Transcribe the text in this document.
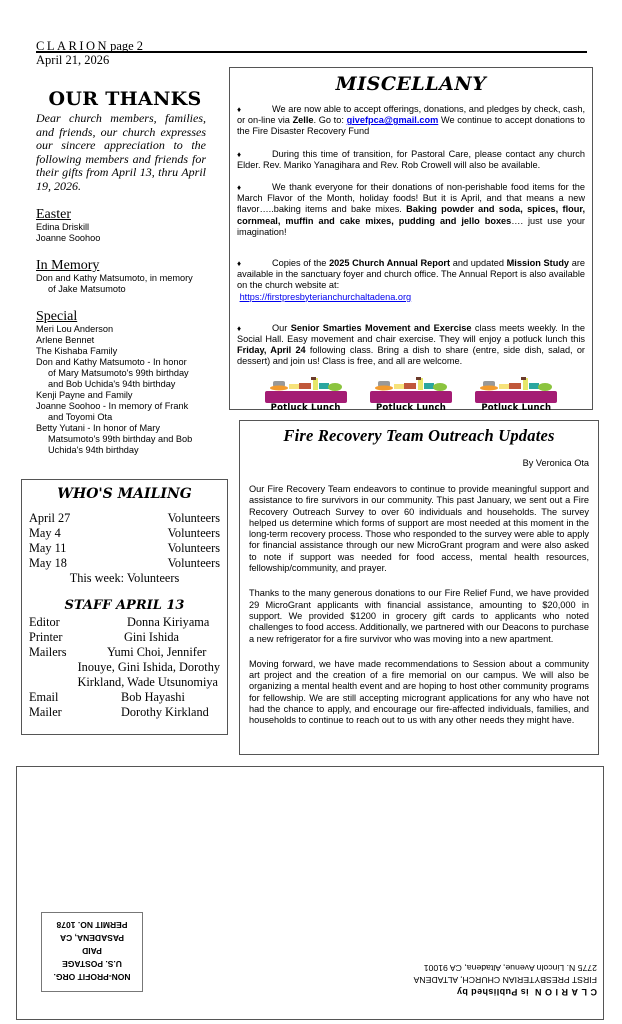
CLARIONpage 2
April 21, 2026
OUR THANKS

Dear church members, families, and friends, our church expresses our sincere appreciation to the following members and friends for their gifts from April 13, thru April 19, 2026.

Easter
Edina Driskill
Joanne Soohoo
In Memory
Don and Kathy Matsumoto, in memory
of Jake Matsumoto
Special
Meri Lou Anderson
Arlene Bennet
The Kishaba Family
Don and Kathy Matsumoto - In honor
of Mary Matsumoto's 99th birthday
and Bob Uchida's 94th birthday
Kenji Payne and Family
Joanne Soohoo - In memory of Frank
and Toyomi Ota
Betty Yutani - In honor of Mary
Matsumoto's 99th birthday and Bob
Uchida's 94th birthday
WHO'S MAILING
April 27	Volunteers
May 4	Volunteers
May 11	Volunteers
May 18	Volunteers
This week: Volunteers
STAFF APRIL 13
Editor	Donna Kiriyama
Printer	Gini Ishida
Mailers	Yumi Choi, Jennifer
Inouye, Gini Ishida, Dorothy
Kirkland, Wade Utsunomiya
Email	Bob Hayashi
Mailer	Dorothy Kirkland
MISCELLANY

♦	We are now able to accept offerings, donations, and pledges by check, cash, or on-line via Zelle. Go to: givefpca@gmail.com We continue to accept donations to the Fire Disaster Recovery Fund

♦	During this time of transition, for Pastoral Care, please contact any church Elder. Rev. Mariko Yanagihara and Rev. Rob Crowell will also be available.

♦	We thank everyone for their donations of non-perishable food items for the March Flavor of the Month, holiday foods! But it is April, and that means a new flavor…..baking items and bake mixes. Baking powder and soda, spices, flour, cornmeal, muffin and cake mixes, pudding and jello boxes…. just use your imagination!

♦	Copies of the 2025 Church Annual Report and updated Mission Study are available in the sanctuary foyer and church office. The Annual Report is also available on the church website at:
https://firstpresbyterianchurchaltadena.org

♦	Our Senior Smarties Movement and Exercise class meets weekly. In the Social Hall. Easy movement and chair exercise. They will enjoy a potluck lunch this Friday, April 24 following class. Bring a dish to share (entre, side dish, salad, or dessert) and join us! Class is free, and all are welcome.

Potluck Lunch	Potluck Lunch	Potluck Lunch
Fire Recovery Team Outreach Updates
By Veronica Ota

Our Fire Recovery Team endeavors to continue to provide meaningful support and assistance to fire survivors in our community. This past January, we sent out a Fire Recovery Outreach Survey to over 60 individuals and households. The survey helped us determine which forms of support are most needed at this moment in the long-term recovery process. Those who responded to the survey were able to apply for financial assistance through our new MicroGrant program and were also asked to note if support was needed for food access, mental health resources, fellowship/community, and prayer.

Thanks to the many generous donations to our Fire Relief Fund, we have provided 29 MicroGrant applicants with financial assistance, amounting to $20,000 in support. We provided $1200 in grocery gift cards to applicants who noted challenges to food access. Additionally, we partnered with our Deacons to purchase a new refrigerator for a fire survivor who was moving into a new apartment.

Moving forward, we have made recommendations to Session about a community art project and the creation of a fire memorial on our campus. We will also be organizing a mental health event and are hoping to host other community programs for fellowship. We are still accepting microgrant applications for any who have not had the chance to apply, and encourage our fire-affected individuals, families, and households to continue to reach out to us with any other needs they might have.

NON-PROFIT ORG.
U.S. POSTAGE
PAID
PASADENA, CA
PERMIT NO. 1078
CLARION is Published by
FIRST PRESBYTERIAN CHURCH, ALTADENA
2775 N. Lincoln Avenue, Altadena, CA 91001
